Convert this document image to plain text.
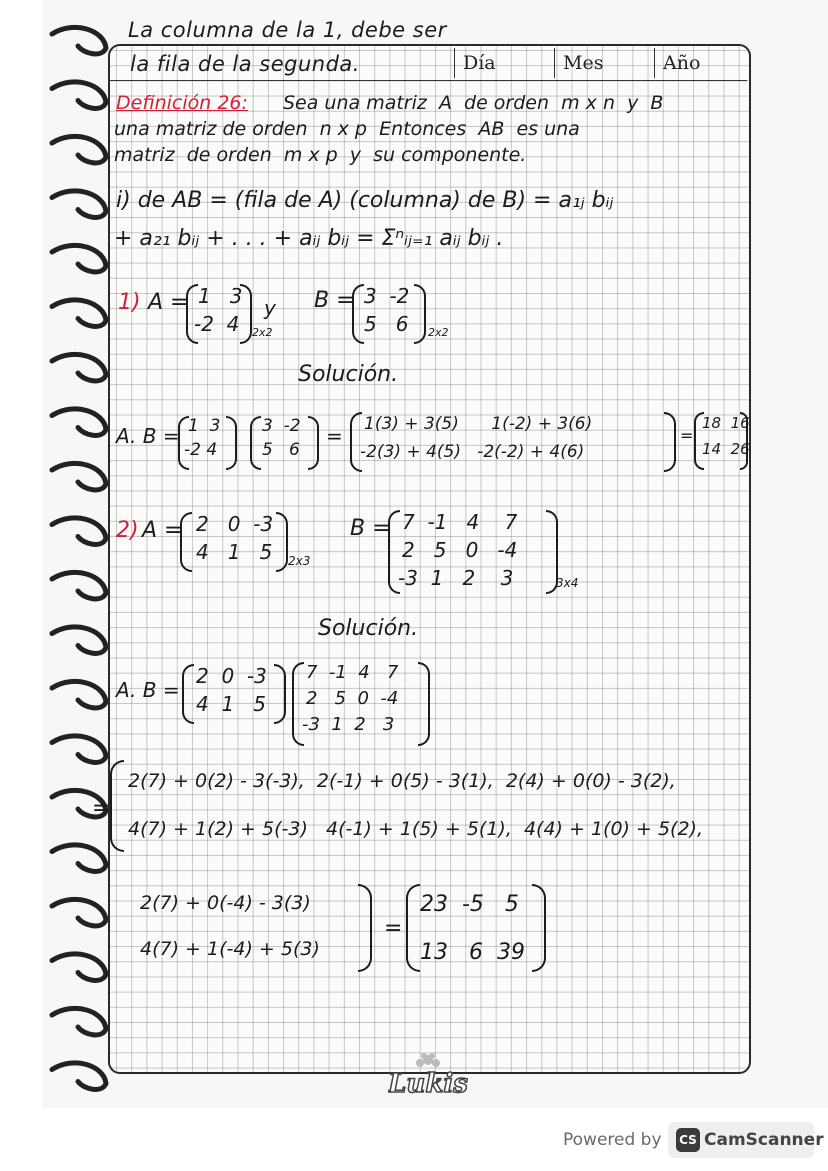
Día	Mes	Año
La columna de la 1, debe ser
la fila de la segunda.
Definición 26: Sea una matriz  A  de orden  m x n  y  B
una matriz de orden  n x p  Entonces  AB  es una
matriz  de orden  m x p  y  su componente.
i) de AB = (fila de A) (columna) de B) = a₁ⱼ bᵢⱼ
+ a₂₁ bᵢⱼ + . . . + aᵢⱼ bᵢⱼ = Σⁿᵢⱼ₌₁ aᵢⱼ bᵢⱼ .
1) A = 1   3
-2  4 2x2
y B = 3  -2
5   6 2x2
Solución.
A. B = 1  3
-2 4
3  -2
5   6
= 1(3) + 3(5)      1(-2) + 3(6)
-2(3) + 4(5)   -2(-2) + 4(6)
=
18  16
14  26
2) A = 2   0  -3
4   1   5 2x3
B = 7  -1   4    7
2   5   0   -4
-3  1   2    3	3x4
Solución.
A. B =
2  0  -3
4  1   5
7  -1  4   7
2   5  0  -4
-3  1  2   3
=
2(7) + 0(2) - 3(-3),  2(-1) + 0(5) - 3(1),  2(4) + 0(0) - 3(2),
4(7) + 1(2) + 5(-3)   4(-1) + 1(5) + 5(1),  4(4) + 1(0) + 5(2),
2(7) + 0(-4) - 3(3)
4(7) + 1(-4) + 5(3)
=
23  -5   5
13   6  39
Lukis
Powered by CS CamScanner
